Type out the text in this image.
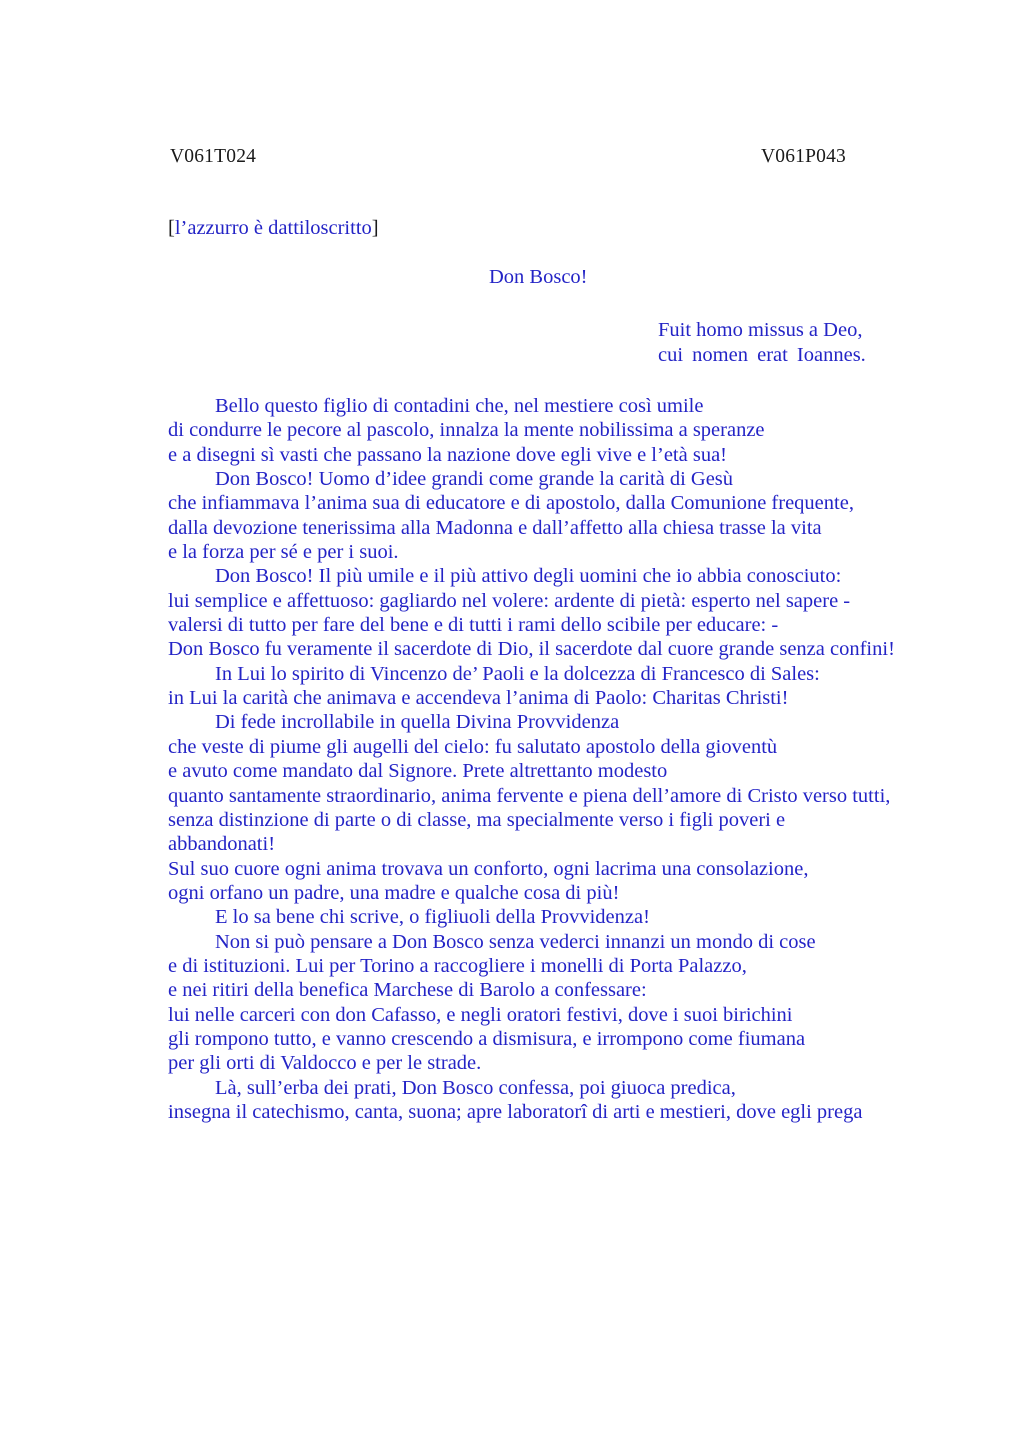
V061T024	V061P043
[l’azzurro è dattiloscritto]
Don Bosco!
Fuit homo missus a Deo,
cui nomen erat Ioannes.
Bello questo figlio di contadini che, nel mestiere così umile
di condurre le pecore al pascolo, innalza la mente nobilissima a speranze
e a disegni sì vasti che passano la nazione dove egli vive e l’età sua!
Don Bosco! Uomo d’idee grandi come grande la carità di Gesù
che infiammava l’anima sua di educatore e di apostolo, dalla Comunione frequente,
dalla devozione tenerissima alla Madonna e dall’affetto alla chiesa trasse la vita
e la forza per sé e per i suoi.
Don Bosco! Il più umile e il più attivo degli uomini che io abbia conosciuto:
lui semplice e affettuoso: gagliardo nel volere: ardente di pietà: esperto nel sapere -
valersi di tutto per fare del bene e di tutti i rami dello scibile per educare: -
Don Bosco fu veramente il sacerdote di Dio, il sacerdote dal cuore grande senza confini!
In Lui lo spirito di Vincenzo de’ Paoli e la dolcezza di Francesco di Sales:
in Lui la carità che animava e accendeva l’anima di Paolo: Charitas Christi!
Di fede incrollabile in quella Divina Provvidenza
che veste di piume gli augelli del cielo: fu salutato apostolo della gioventù
e avuto come mandato dal Signore. Prete altrettanto modesto
quanto santamente straordinario, anima fervente e piena dell’amore di Cristo verso tutti,
senza distinzione di parte o di classe, ma specialmente verso i figli poveri e
abbandonati!
Sul suo cuore ogni anima trovava un conforto, ogni lacrima una consolazione,
ogni orfano un padre, una madre e qualche cosa di più!
E lo sa bene chi scrive, o figliuoli della Provvidenza!
Non si può pensare a Don Bosco senza vederci innanzi un mondo di cose
e di istituzioni. Lui per Torino a raccogliere i monelli di Porta Palazzo,
e nei ritiri della benefica Marchese di Barolo a confessare:
lui nelle carceri con don Cafasso, e negli oratori festivi, dove i suoi birichini
gli rompono tutto, e vanno crescendo a dismisura, e irrompono come fiumana
per gli orti di Valdocco e per le strade.
Là, sull’erba dei prati, Don Bosco confessa, poi giuoca predica,
insegna il catechismo, canta, suona; apre laboratorî di arti e mestieri, dove egli prega
